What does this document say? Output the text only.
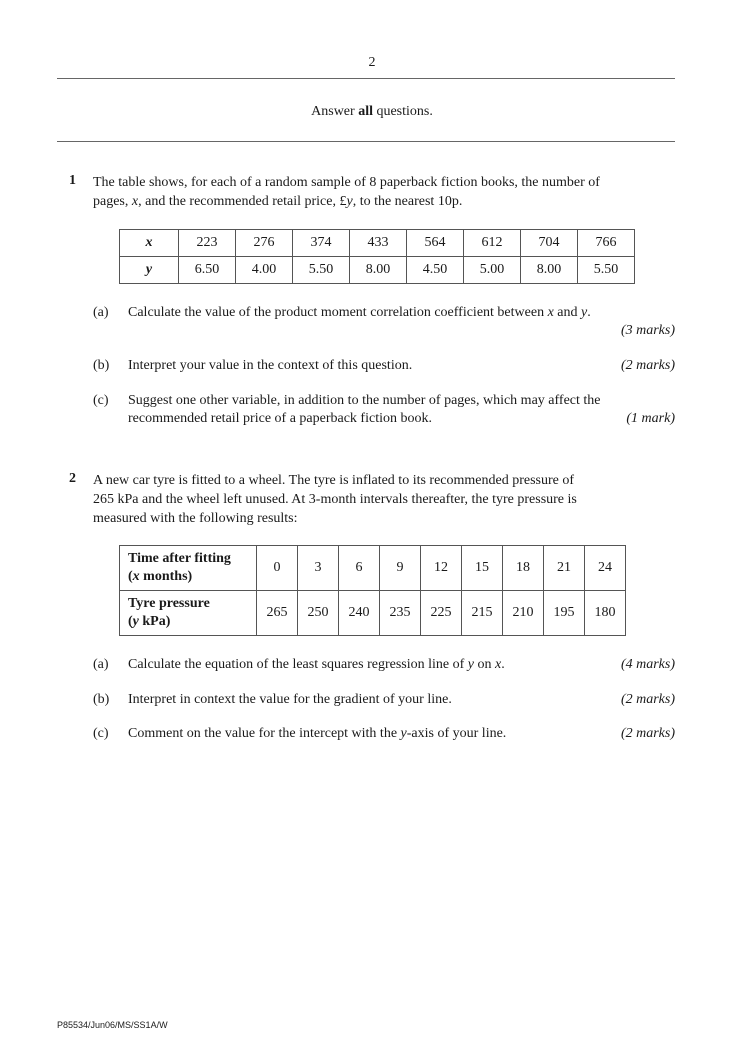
2
Answer all questions.
1 The table shows, for each of a random sample of 8 paperback fiction books, the number of
pages, x, and the recommended retail price, £y, to the nearest 10p.
x	223	276	374	433	564	612	704	766
y	6.50	4.00	5.50	8.00	4.50	5.00	8.00	5.50
(a) Calculate the value of the product moment correlation coefficient between x and y.
(3 marks)
(b) Interpret your value in the context of this question.	(2 marks)
(c) Suggest one other variable, in addition to the number of pages, which may affect the
recommended retail price of a paperback fiction book.	(1 mark)
2 A new car tyre is fitted to a wheel. The tyre is inflated to its recommended pressure of
265 kPa and the wheel left unused. At 3-month intervals thereafter, the tyre pressure is
measured with the following results:
Time after fitting
(x months)	0	3	6	9	12	15	18	21	24

Tyre pressure
(y kPa)	265	250	240	235	225	215	210	195	180
(a) Calculate the equation of the least squares regression line of y on x.	(4 marks)
(b) Interpret in context the value for the gradient of your line.	(2 marks)
(c) Comment on the value for the intercept with the y-axis of your line.	(2 marks)
P85534/Jun06/MS/SS1A/W
